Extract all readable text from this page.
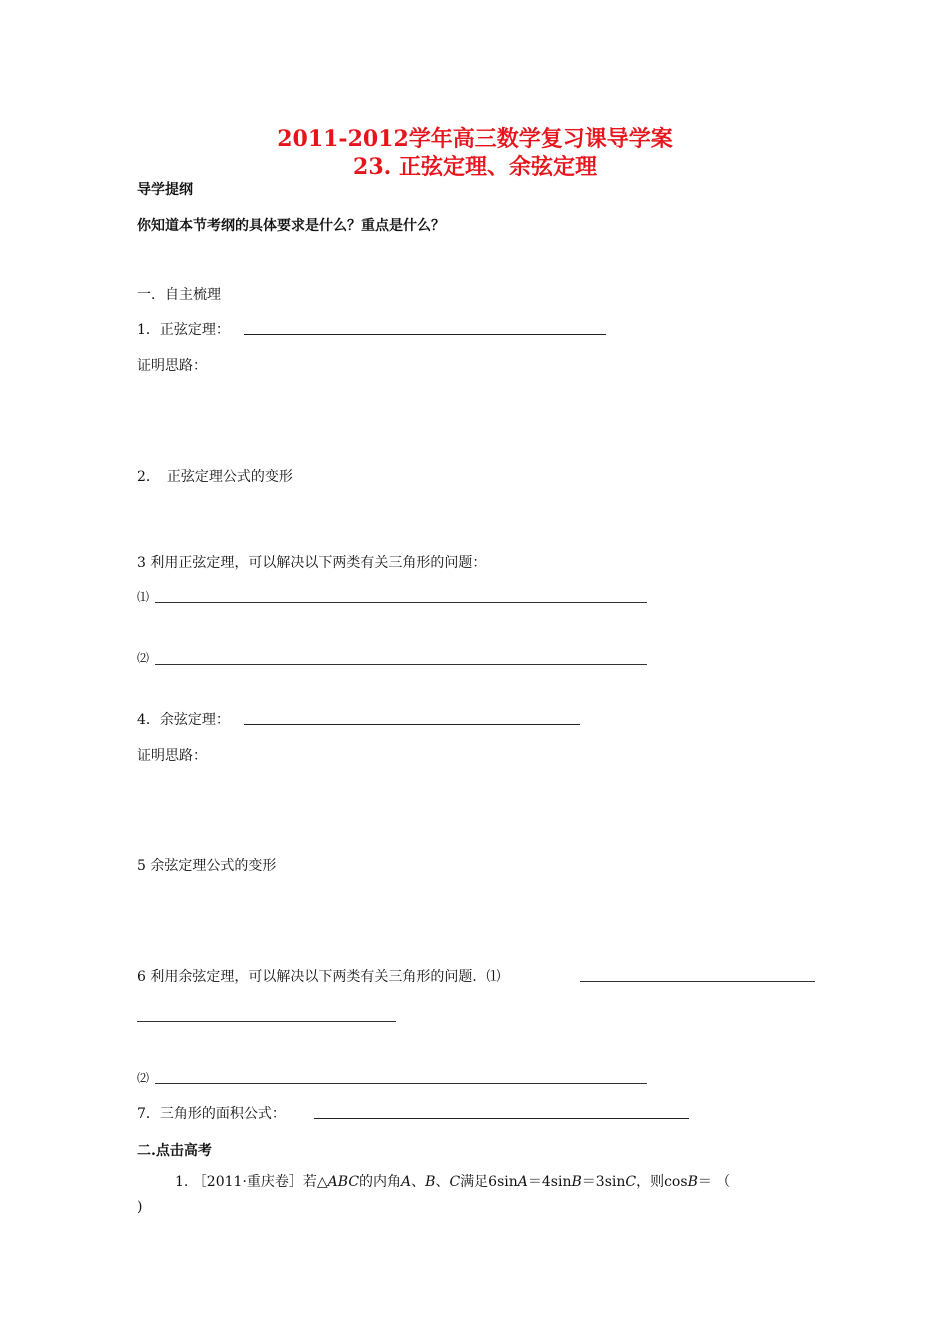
2011-2012学年高三数学复习课导学案
23. 正弦定理、余弦定理
导学提纲
你知道本节考纲的具体要求是什么？重点是什么？
一．自主梳理
1．正弦定理：
证明思路：
2．　正弦定理公式的变形
3 利用正弦定理，可以解决以下两类有关三角形的问题：
⑴
⑵
4．余弦定理：
证明思路：
5 余弦定理公式的变形
6 利用余弦定理，可以解决以下两类有关三角形的问题．⑴
⑵
7．三角形的面积公式：
二.点击高考
1. ［2011·重庆卷］若△ABC的内角A、B、C满足6sinA＝4sinB＝3sinC，则cosB＝ （
)
